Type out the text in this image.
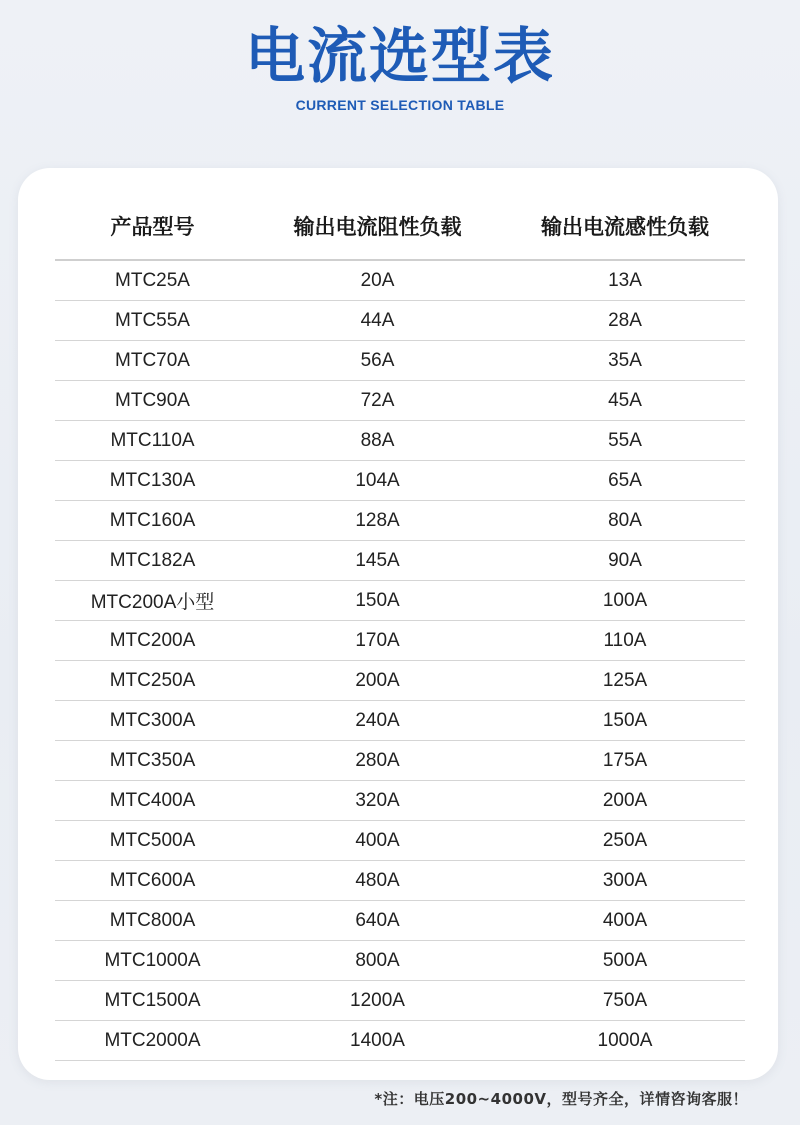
电流选型表
CURRENT SELECTION TABLE
产品型号	输出电流阻性负载	输出电流感性负载
MTC25A	20A	13A
MTC55A	44A	28A
MTC70A	56A	35A
MTC90A	72A	45A
MTC110A	88A	55A
MTC130A	104A	65A
MTC160A	128A	80A
MTC182A	145A	90A
MTC200A小型	150A	100A
MTC200A	170A	110A
MTC250A	200A	125A
MTC300A	240A	150A
MTC350A	280A	175A
MTC400A	320A	200A
MTC500A	400A	250A
MTC600A	480A	300A
MTC800A	640A	400A
MTC1000A	800A	500A
MTC1500A	1200A	750A
MTC2000A	1400A	1000A
*注：电压200~4000V，型号齐全，详情咨询客服！
